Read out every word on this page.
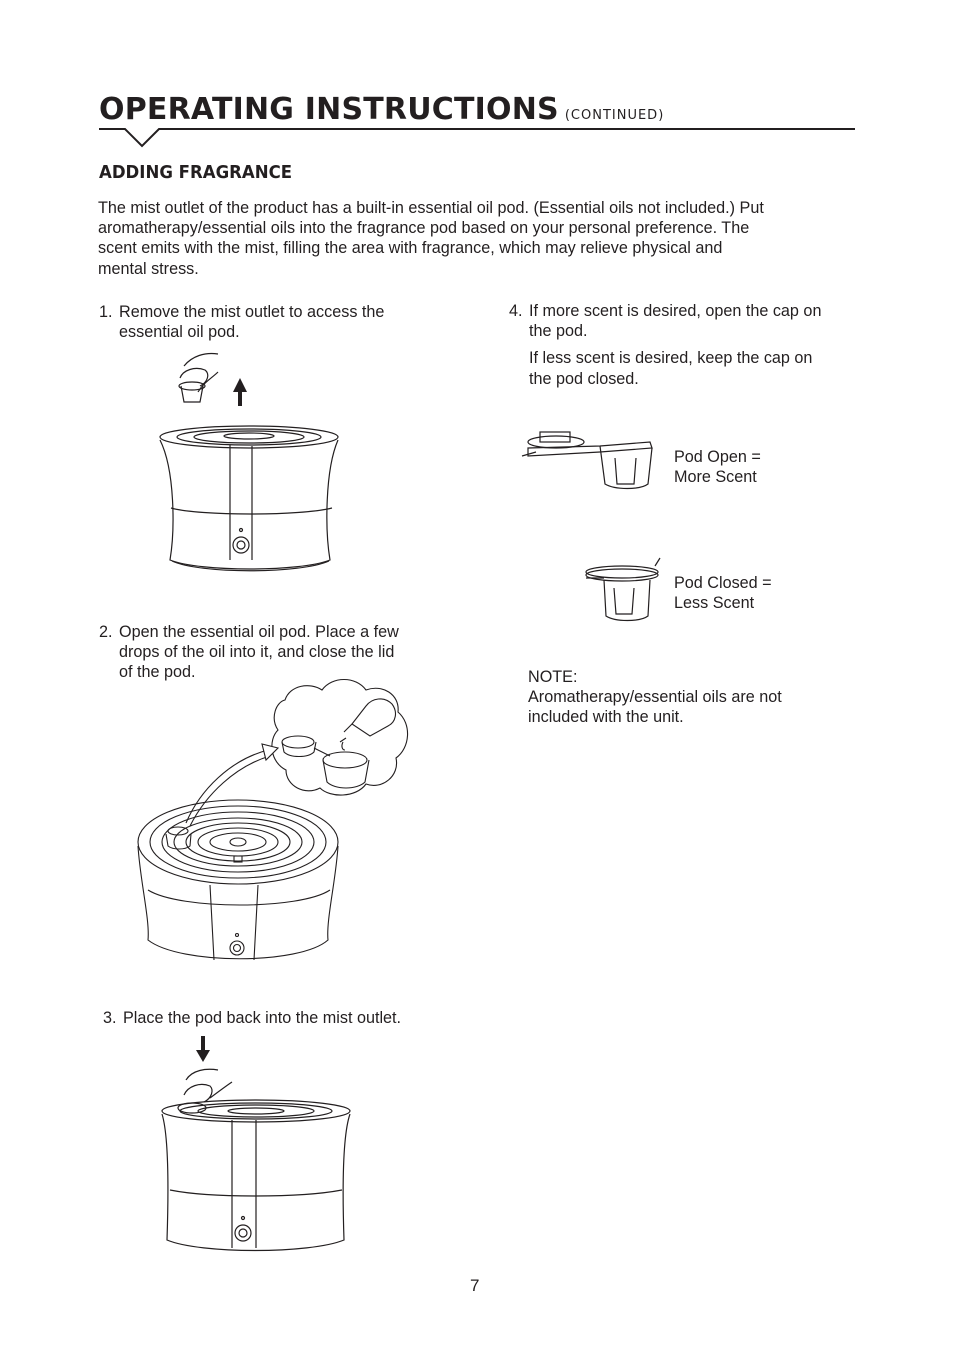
OPERATING INSTRUCTIONS (CONTINUED)
ADDING FRAGRANCE
The mist outlet of the product has a built-in essential oil pod. (Essential oils not included.) Put
aromatherapy/essential oils into the fragrance pod based on your personal preference. The
scent emits with the mist, filling the area with fragrance, which may relieve physical and
mental stress.
1. Remove the mist outlet to access the
essential oil pod.
2. Open the essential oil pod. Place a few
drops of the oil into it, and close the lid
of the pod.
3. Place the pod back into the mist outlet.
4. If more scent is desired, open the cap on
the pod.
If less scent is desired, keep the cap on
the pod closed.
Pod Open =
More Scent
Pod Closed =
Less Scent
NOTE:
Aromatherapy/essential oils are not
included with the unit.
7
